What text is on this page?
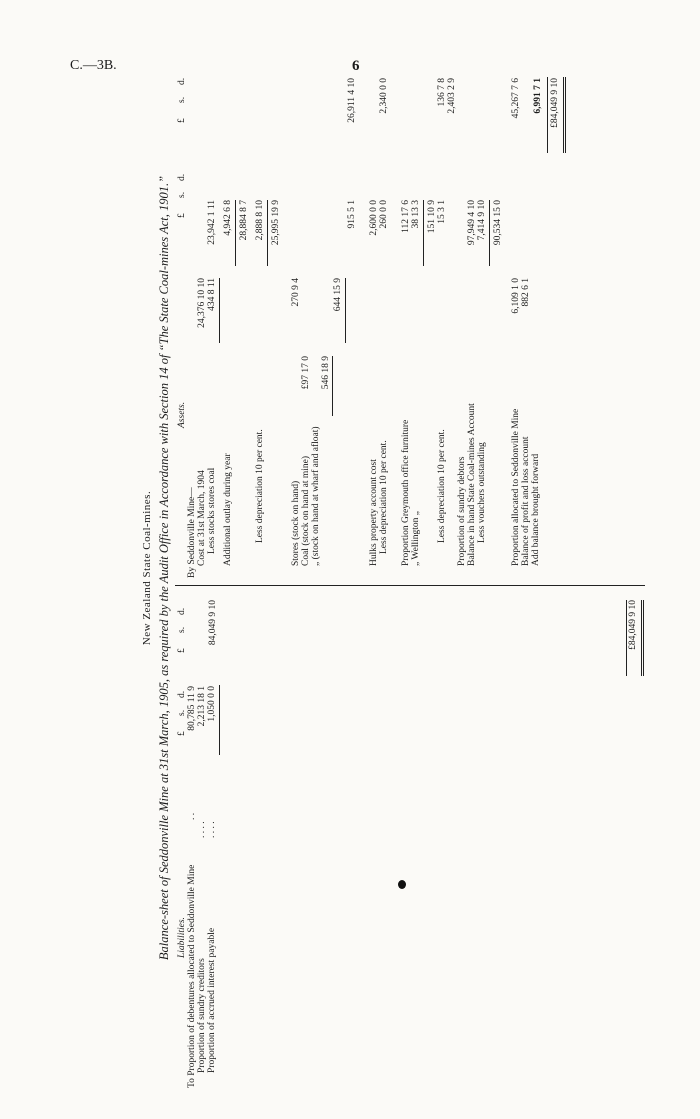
C.—3B.	6
New Zealand State Coal-mines. Balance-sheet of Seddonville Mine at 31st March, 1905, as required by the Audit Office in Accordance with Section 14 of “The State Coal-mines Act, 1901.” Liabilities.
£
s.
d.
£
s.
d.
To Proportion of debentures allocated to Seddonville Mine
. .
80,785 11 9
Proportion of sundry creditors
. . . .
2,213 18 1
Proportion of accrued interest payable
. . . .
1,050 0 0
84,049 9 10	£84,049 9 10
Assets.
£
s.
d.
£
s.
d.
By Seddonville Mine— Cost at 31st March, 1904
24,376 10 10
Less stocks stores coal
434 8 11
23,942 1 11
Additional outlay during year
4,942 6 8 28,884 8 7
Less depreciation 10 per cent.
2,888 8 10 25,995 19 9
Stores (stock on hand)
270 9 4
Coal (stock on hand at mine)
£97 17 0
„ (stock on hand at wharf and afloat)
546 18 9
644 15 9
915 5 1
26,911 4 10
Hulks property account cost
2,600 0 0
Less depreciation 10 per cent.
260 0 0
2,340 0 0
Proportion Greymouth office furniture
112 17 6
„ Wellington „
38 13 3 151 10 9
Less depreciation 10 per cent.
15 3 1
136 7 8
Proportion of sundry debtors
2,403 2 9
Balance in hand State Coal-mines Account
97,949 4 10
Less vouchers outstanding
7,414 9 10 90,534 15 0
Proportion allocated to Seddonville Mine
6,109 1 0
45,267 7 6
Balance of profit and loss account
882 6 1
Add balance brought forward
6,991 7 1 £84,049 9 10
